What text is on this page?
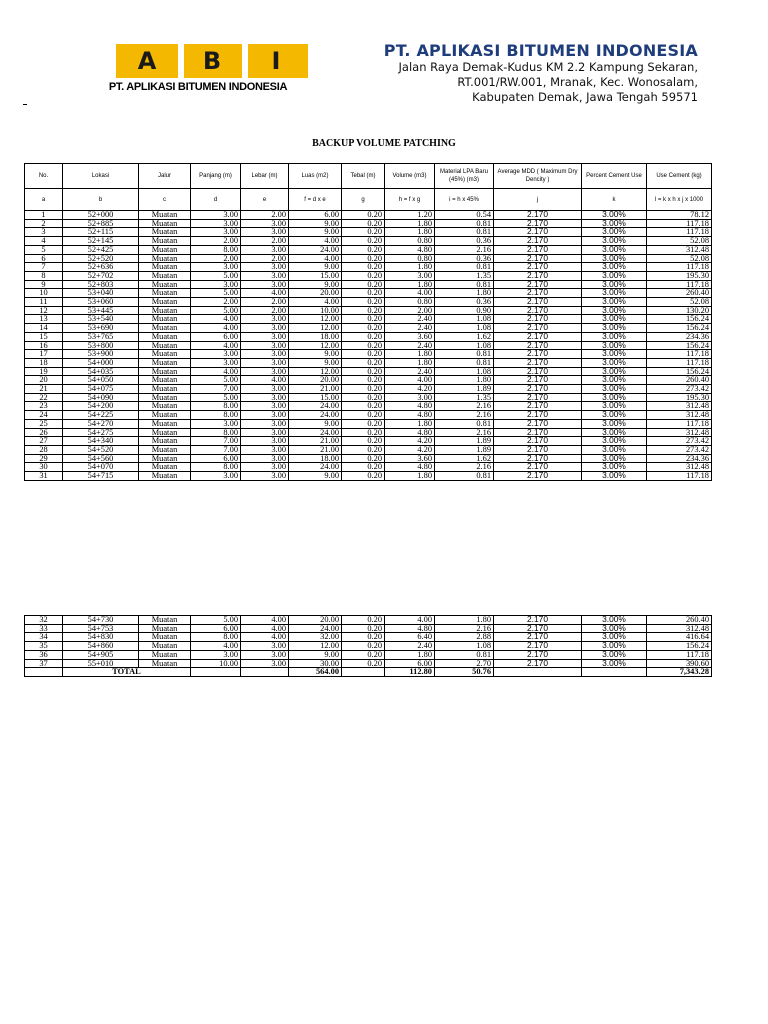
A	B	I
PT. APLIKASI BITUMEN INDONESIA
PT. APLIKASI BITUMEN INDONESIA
Jalan Raya Demak-Kudus KM 2.2 Kampung Sekaran,
RT.001/RW.001, Mranak, Kec. Wonosalam,
Kabupaten Demak, Jawa Tengah 59571
BACKUP VOLUME PATCHING
No.	Lokasi	Jalur	Panjang (m)	Lebar (m)	Luas (m2)	Tebal (m)	Volume (m3)	Material LPA Baru (45%) (m3)	Average MDD ( Maximum Dry Dencity )	Percent Cement Use	Use Cement (kg)
a	b	c	d	e	f = d x e	g	h = f x g	i = h x 45%	j	k	l = k x h x j x 1000
1	52+000	Muatan	3.00	2.00	6.00	0.20	1.20	0.54	2.170	3.00%	78.12
2	52+885	Muatan	3.00	3.00	9.00	0.20	1.80	0.81	2.170	3.00%	117.18
3	52+115	Muatan	3.00	3.00	9.00	0.20	1.80	0.81	2.170	3.00%	117.18
4	52+145	Muatan	2.00	2.00	4.00	0.20	0.80	0.36	2.170	3.00%	52.08
5	52+425	Muatan	8.00	3.00	24.00	0.20	4.80	2.16	2.170	3.00%	312.48
6	52+520	Muatan	2.00	2.00	4.00	0.20	0.80	0.36	2.170	3.00%	52.08
7	52+636	Muatan	3.00	3.00	9.00	0.20	1.80	0.81	2.170	3.00%	117.18
8	52+702	Muatan	5.00	3.00	15.00	0.20	3.00	1.35	2.170	3.00%	195.30
9	52+803	Muatan	3.00	3.00	9.00	0.20	1.80	0.81	2.170	3.00%	117.18
10	53+040	Muatan	5.00	4.00	20.00	0.20	4.00	1.80	2.170	3.00%	260.40
11	53+060	Muatan	2.00	2.00	4.00	0.20	0.80	0.36	2.170	3.00%	52.08
12	53+445	Muatan	5.00	2.00	10.00	0.20	2.00	0.90	2.170	3.00%	130.20
13	53+540	Muatan	4.00	3.00	12.00	0.20	2.40	1.08	2.170	3.00%	156.24
14	53+690	Muatan	4.00	3.00	12.00	0.20	2.40	1.08	2.170	3.00%	156.24
15	53+765	Muatan	6.00	3.00	18.00	0.20	3.60	1.62	2.170	3.00%	234.36
16	53+800	Muatan	4.00	3.00	12.00	0.20	2.40	1.08	2.170	3.00%	156.24
17	53+900	Muatan	3.00	3.00	9.00	0.20	1.80	0.81	2.170	3.00%	117.18
18	54+000	Muatan	3.00	3.00	9.00	0.20	1.80	0.81	2.170	3.00%	117.18
19	54+035	Muatan	4.00	3.00	12.00	0.20	2.40	1.08	2.170	3.00%	156.24
20	54+050	Muatan	5.00	4.00	20.00	0.20	4.00	1.80	2.170	3.00%	260.40
21	54+075	Muatan	7.00	3.00	21.00	0.20	4.20	1.89	2.170	3.00%	273.42
22	54+090	Muatan	5.00	3.00	15.00	0.20	3.00	1.35	2.170	3.00%	195.30
23	54+200	Muatan	8.00	3.00	24.00	0.20	4.80	2.16	2.170	3.00%	312.48
24	54+225	Muatan	8.00	3.00	24.00	0.20	4.80	2.16	2.170	3.00%	312.48
25	54+270	Muatan	3.00	3.00	9.00	0.20	1.80	0.81	2.170	3.00%	117.18
26	54+275	Muatan	8.00	3.00	24.00	0.20	4.80	2.16	2.170	3.00%	312.48
27	54+340	Muatan	7.00	3.00	21.00	0.20	4.20	1.89	2.170	3.00%	273.42
28	54+520	Muatan	7.00	3.00	21.00	0.20	4.20	1.89	2.170	3.00%	273.42
29	54+560	Muatan	6.00	3.00	18.00	0.20	3.60	1.62	2.170	3.00%	234.36
30	54+070	Muatan	8.00	3.00	24.00	0.20	4.80	2.16	2.170	3.00%	312.48
31	54+715	Muatan	3.00	3.00	9.00	0.20	1.80	0.81	2.170	3.00%	117.18
32	54+730	Muatan	5.00	4.00	20.00	0.20	4.00	1.80	2.170	3.00%	260.40
33	54+753	Muatan	6.00	4.00	24.00	0.20	4.80	2.16	2.170	3.00%	312.48
34	54+830	Muatan	8.00	4.00	32.00	0.20	6.40	2.88	2.170	3.00%	416.64
35	54+860	Muatan	4.00	3.00	12.00	0.20	2.40	1.08	2.170	3.00%	156.24
36	54+905	Muatan	3.00	3.00	9.00	0.20	1.80	0.81	2.170	3.00%	117.18
37	55+010	Muatan	10.00	3.00	30.00	0.20	6.00	2.70	2.170	3.00%	390.60
	TOTAL				564.00		112.80	50.76			7,343.28
